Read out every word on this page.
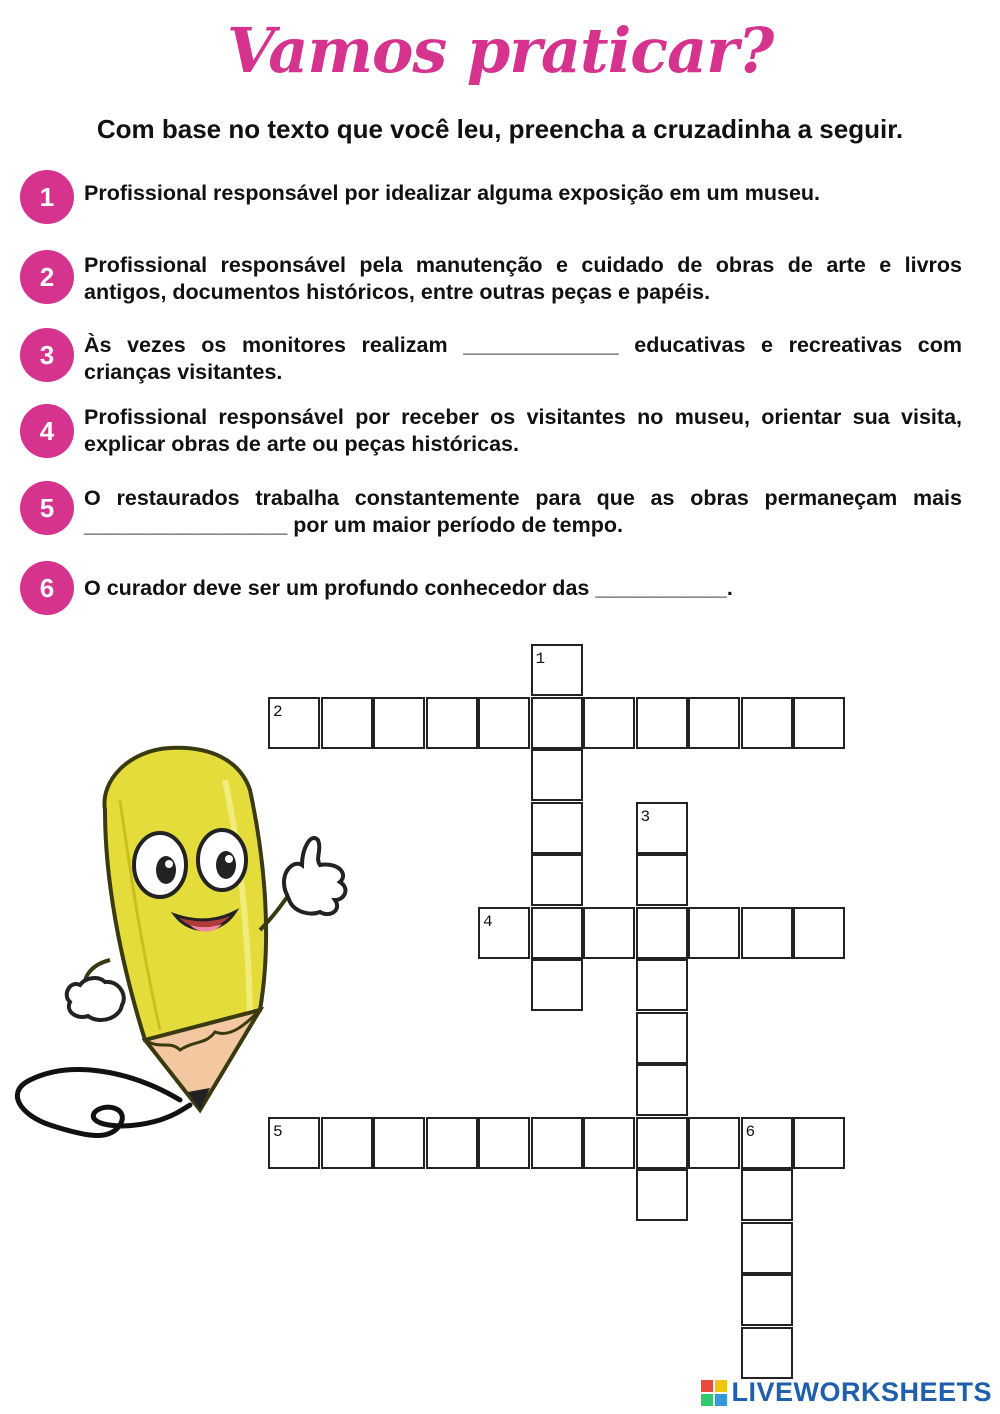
Vamos praticar?
Com base no texto que você leu, preencha a cruzadinha a seguir.
1	Profissional responsável por idealizar alguma exposição em um museu.
2	Profissional responsável pela manutenção e cuidado de obras de arte e livros antigos, documentos históricos, entre outras peças e papéis.
3	Às vezes os monitores realizam _____________ educativas e recreativas com crianças visitantes.
4	Profissional responsável por receber os visitantes no museu, orientar sua visita, explicar obras de arte ou peças históricas.
5	O restaurados trabalha constantemente para que as obras permaneçam mais _________________ por um maior período de tempo.
6	O curador deve ser um profundo conhecedor das ___________.
1
2
3
4
5	6
LIVEWORKSHEETS
